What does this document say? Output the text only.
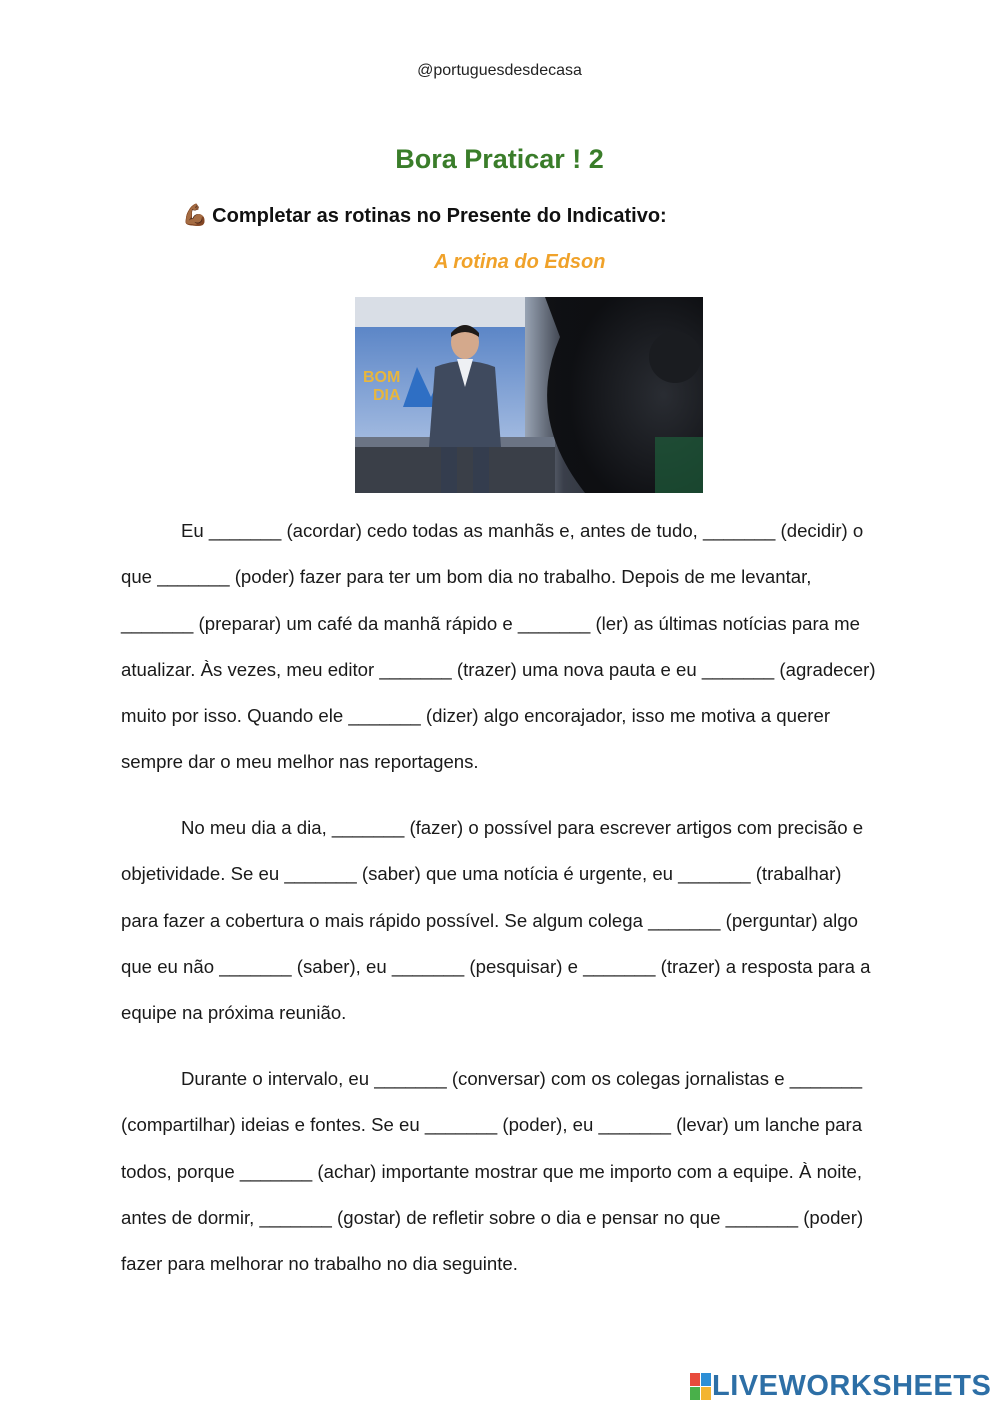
@portuguesdesdecasa
Bora Praticar ! 2
💪🏾 Completar as rotinas no Presente do Indicativo:
A rotina do Edson
BOM
DIA

Eu _______ (acordar) cedo todas as manhãs e, antes de tudo, _______ (decidir) o que _______ (poder) fazer para ter um bom dia no trabalho. Depois de me levantar, _______ (preparar) um café da manhã rápido e _______ (ler) as últimas notícias para me atualizar. Às vezes, meu editor _______ (trazer) uma nova pauta e eu _______ (agradecer) muito por isso. Quando ele _______ (dizer) algo encorajador, isso me motiva a querer sempre dar o meu melhor nas reportagens.

No meu dia a dia, _______ (fazer) o possível para escrever artigos com precisão e objetividade. Se eu _______ (saber) que uma notícia é urgente, eu _______ (trabalhar) para fazer a cobertura o mais rápido possível. Se algum colega _______ (perguntar) algo que eu não _______ (saber), eu _______ (pesquisar) e _______ (trazer) a resposta para a equipe na próxima reunião.

Durante o intervalo, eu _______ (conversar) com os colegas jornalistas e _______ (compartilhar) ideias e fontes. Se eu _______ (poder), eu _______ (levar) um lanche para todos, porque _______ (achar) importante mostrar que me importo com a equipe. À noite, antes de dormir, _______ (gostar) de refletir sobre o dia e pensar no que _______ (poder) fazer para melhorar no trabalho no dia seguinte.

LIVEWORKSHEETS
